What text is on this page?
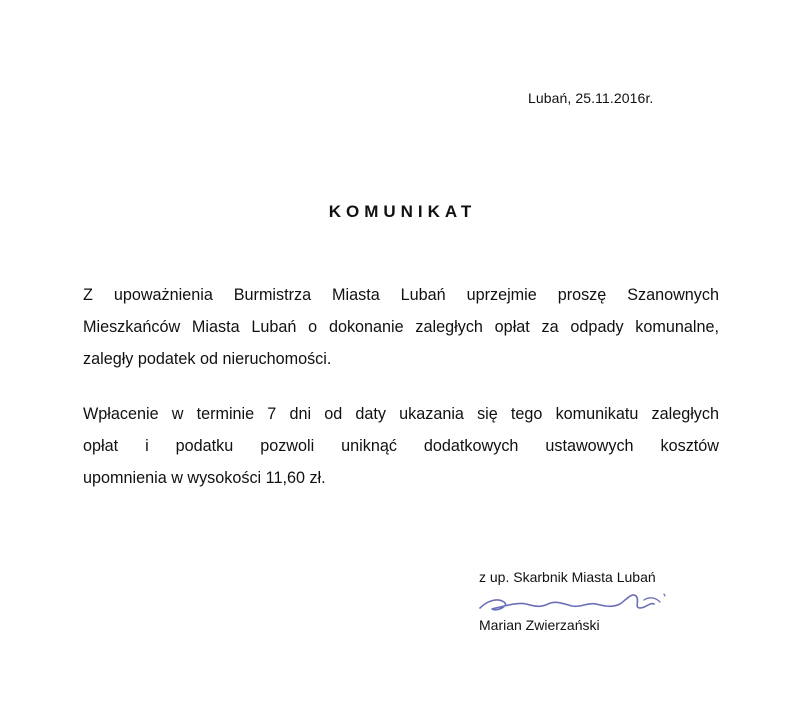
Lubań, 25.11.2016r.
KOMUNIKAT
Z upoważnienia Burmistrza Miasta Lubań uprzejmie proszę Szanownych
Mieszkańców Miasta Lubań o dokonanie zaległych opłat za odpady komunalne,
zaległy podatek od nieruchomości.
Wpłacenie w terminie 7 dni od daty ukazania się tego komunikatu zaległych
opłat i podatku pozwoli uniknąć dodatkowych ustawowych kosztów
upomnienia w wysokości 11,60 zł.
z up. Skarbnik Miasta Lubań
Marian Zwierzański
